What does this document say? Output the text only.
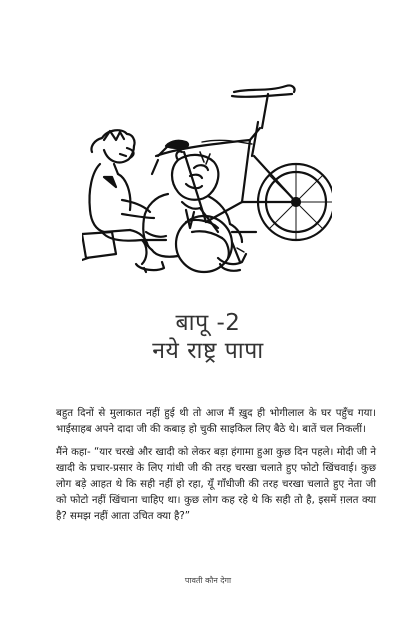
बापू -2
नये राष्ट्र पापा

बहुत दिनों से मुलाकात नहीं हुई थी तो आज मैं ख़ुद ही भोगीलाल के घर पहुँच गया। भाईसाहब अपने दादा जी की कबाड़ हो चुकी साइकिल लिए बैठे थे। बातें चल निकलीं।

मैंने कहा- “यार चरखे और खादी को लेकर बड़ा हंगामा हुआ कुछ दिन पहले। मोदी जी ने खादी के प्रचार-प्रसार के लिए गांधी जी की तरह चरखा चलाते हुए फोटो खिंचवाई। कुछ लोग बड़े आहत थे कि सही नहीं हो रहा, यूँ गाँधीजी की तरह चरखा चलाते हुए नेता जी को फोटो नहीं खिंचाना चाहिए था। कुछ लोग कह रहे थे कि सही तो है, इसमें ग़लत क्या है? समझ नहीं आता उचित क्या है?”

पावती कौन देगा
